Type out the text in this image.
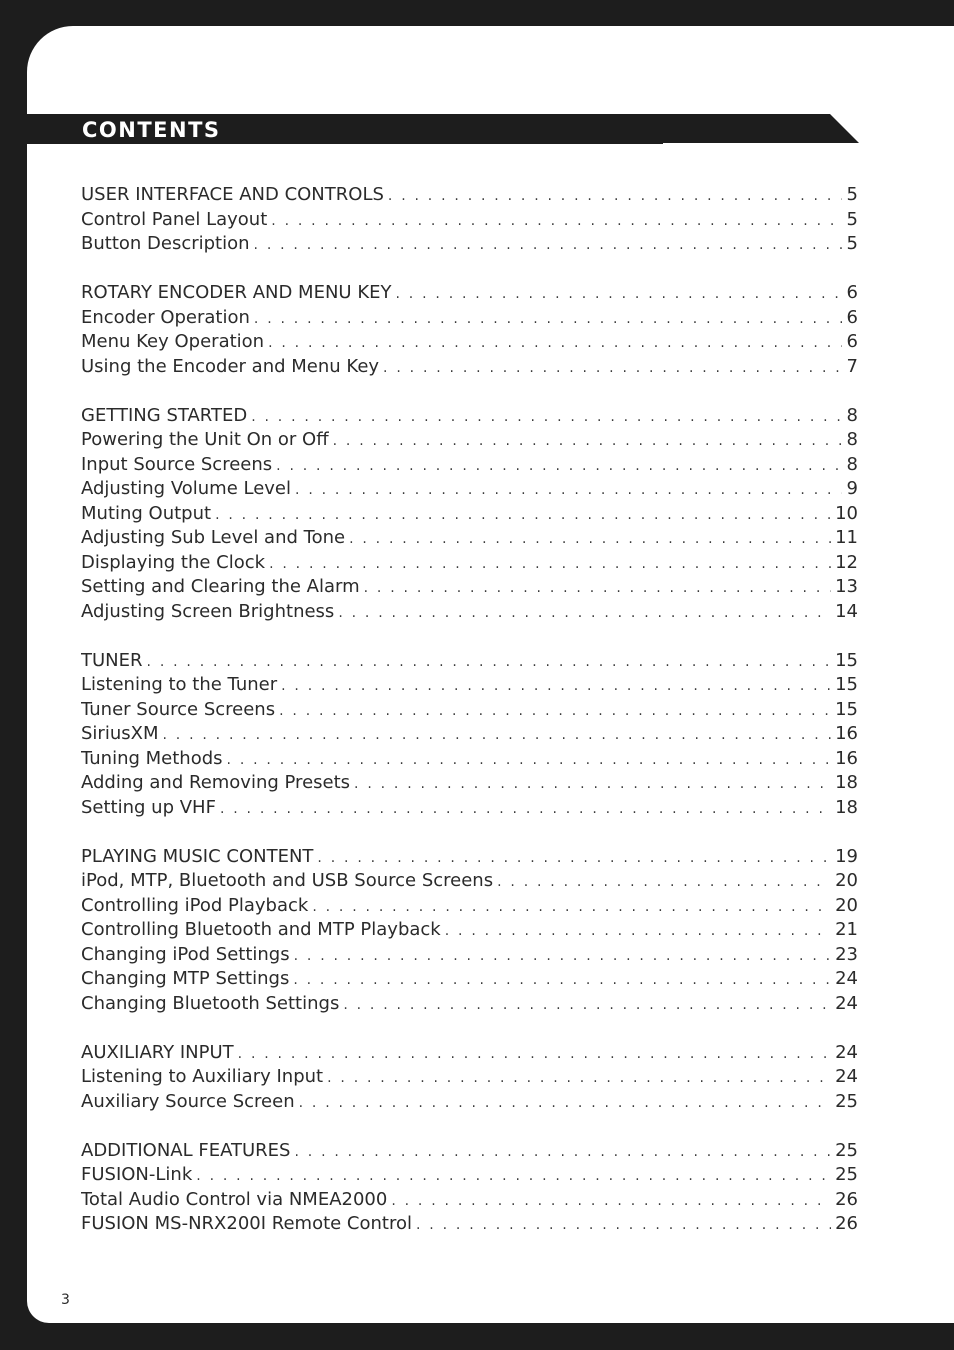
CONTENTS
USER INTERFACE AND CONTROLS . . .	5
Control Panel Layout . . .	5
Button Description . . .	5
ROTARY ENCODER AND MENU KEY . . .	6
Encoder Operation . . .	6
Menu Key Operation . . .	6
Using the Encoder and Menu Key . . .	7
GETTING STARTED . . .	8
Powering the Unit On or Off . . .	8
Input Source Screens . . .	8
Adjusting Volume Level . . .	9
Muting Output . . .	10
Adjusting Sub Level and Tone . . .	11
Displaying the Clock . . .	12
Setting and Clearing the Alarm . . .	13
Adjusting Screen Brightness . . .	14
TUNER . . .	15
Listening to the Tuner . . .	15
Tuner Source Screens . . .	15
SiriusXM . . .	16
Tuning Methods . . .	16
Adding and Removing Presets . . .	18
Setting up VHF . . .	18
PLAYING MUSIC CONTENT . . .	19
iPod, MTP, Bluetooth and USB Source Screens . . .	20
Controlling iPod Playback . . .	20
Controlling Bluetooth and MTP Playback . . .	21
Changing iPod Settings . . .	23
Changing MTP Settings . . .	24
Changing Bluetooth Settings . . .	24
AUXILIARY INPUT . . .	24
Listening to Auxiliary Input . . .	24
Auxiliary Source Screen . . .	25
ADDITIONAL FEATURES . . .	25
FUSION-Link . . .	25
Total Audio Control via NMEA2000 . . .	26
FUSION MS-NRX200I Remote Control . . .	26
3
